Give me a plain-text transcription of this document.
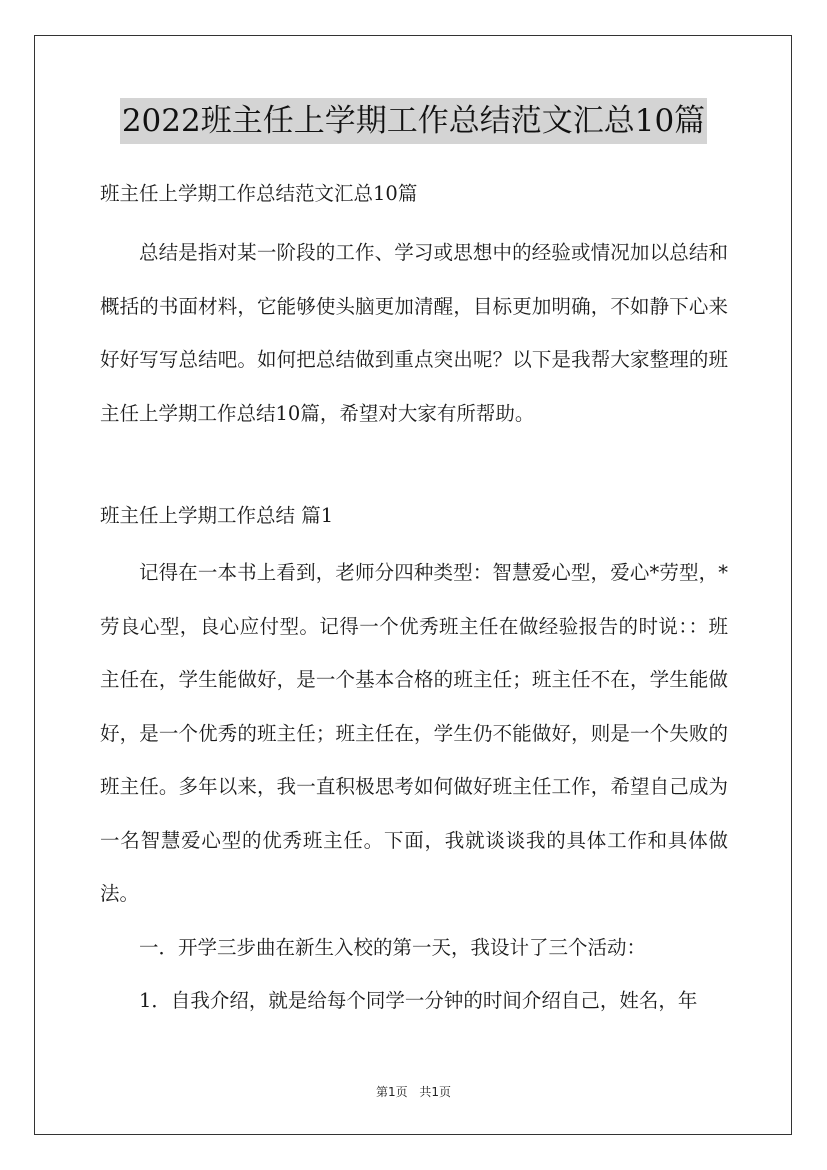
2022班主任上学期工作总结范文汇总10篇

班主任上学期工作总结范文汇总10篇

总结是指对某一阶段的工作、学习或思想中的经验或情况加以总结和概括的书面材料，它能够使头脑更加清醒，目标更加明确，不如静下心来好好写写总结吧。如何把总结做到重点突出呢？以下是我帮大家整理的班主任上学期工作总结10篇，希望对大家有所帮助。

班主任上学期工作总结 篇1

记得在一本书上看到，老师分四种类型：智慧爱心型，爱心*劳型，*劳良心型，良心应付型。记得一个优秀班主任在做经验报告的时说：：班主任在，学生能做好，是一个基本合格的班主任；班主任不在，学生能做好，是一个优秀的班主任；班主任在，学生仍不能做好，则是一个失败的班主任。多年以来，我一直积极思考如何做好班主任工作，希望自己成为一名智慧爱心型的优秀班主任。下面，我就谈谈我的具体工作和具体做法。

一．开学三步曲在新生入校的第一天，我设计了三个活动：

1．自我介绍，就是给每个同学一分钟的时间介绍自己，姓名，年

第1页 共1页
